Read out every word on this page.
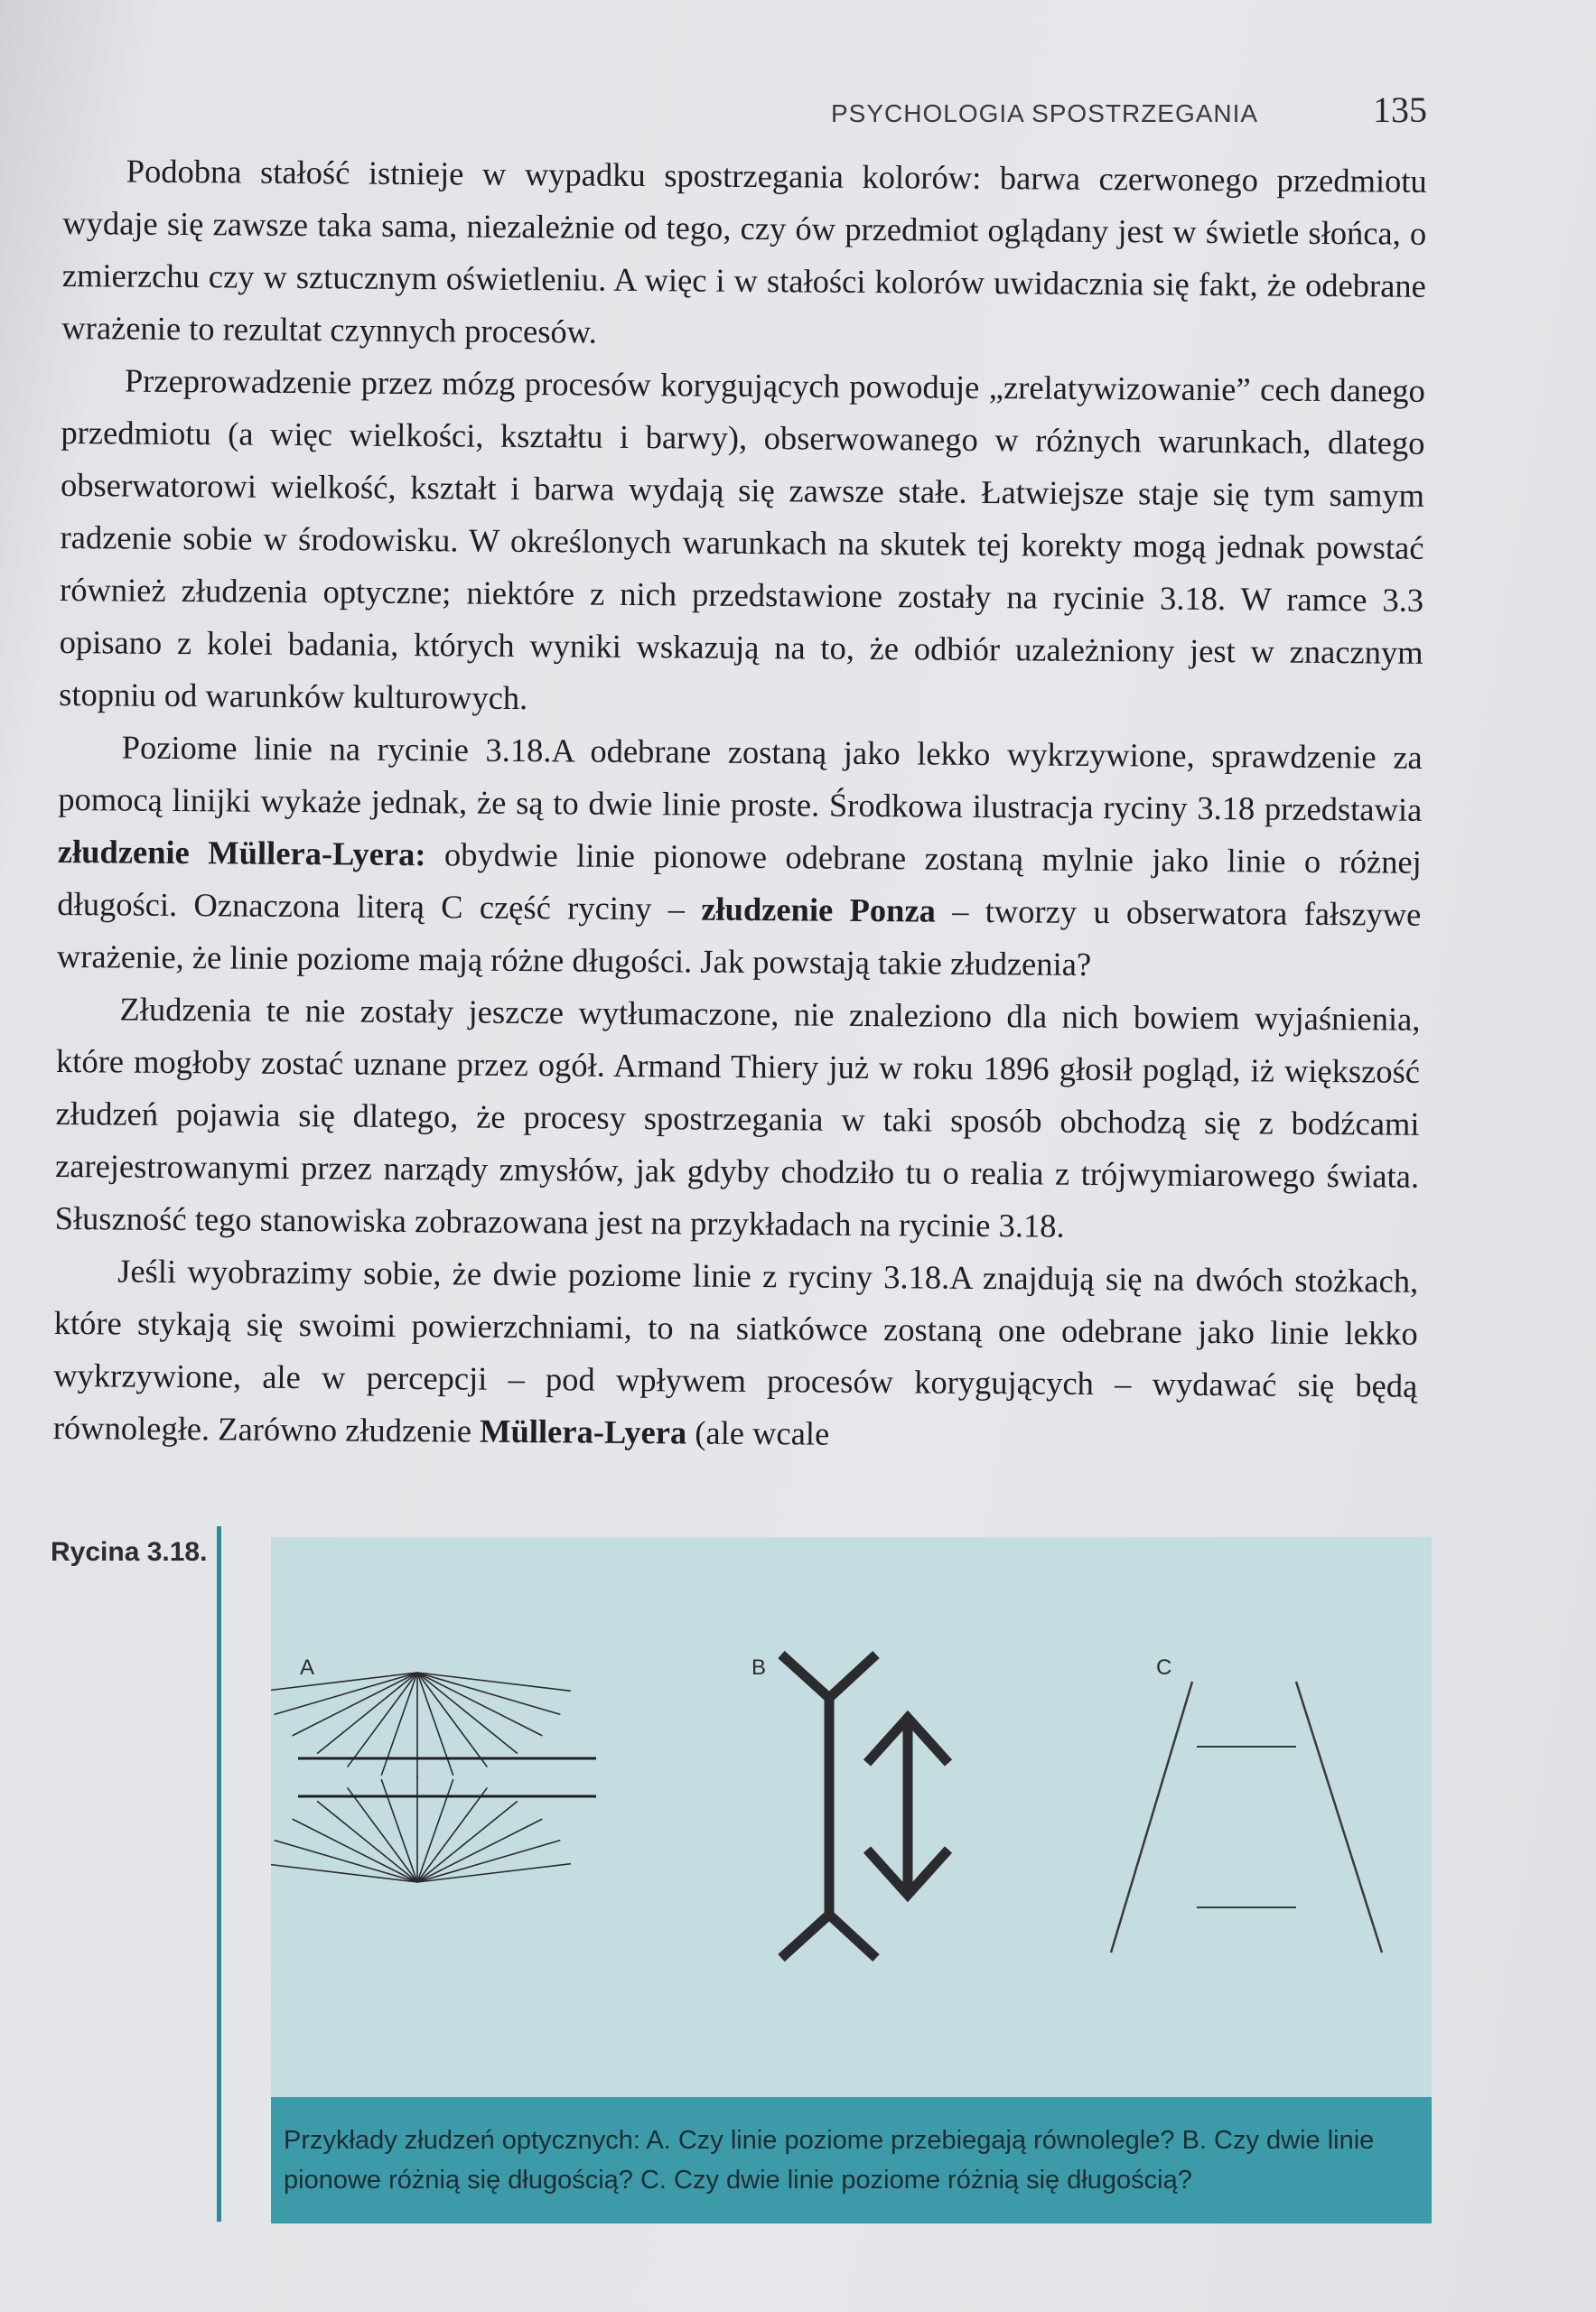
PSYCHOLOGIA SPOSTRZEGANIA	135

Podobna stałość istnieje w wypadku spostrzegania kolorów: barwa czerwonego przedmiotu wydaje się zawsze taka sama, niezależnie od tego, czy ów przedmiot oglądany jest w świetle słońca, o zmierzchu czy w sztucznym oświetleniu. A więc i w stałości kolorów uwidacznia się fakt, że odebrane wrażenie to rezultat czynnych procesów.

Przeprowadzenie przez mózg procesów korygujących powoduje „zrelatywizowanie” cech danego przedmiotu (a więc wielkości, kształtu i barwy), obserwowanego w różnych warunkach, dlatego obserwatorowi wielkość, kształt i barwa wydają się zawsze stałe. Łatwiejsze staje się tym samym radzenie sobie w środowisku. W określonych warunkach na skutek tej korekty mogą jednak powstać również złudzenia optyczne; niektóre z nich przedstawione zostały na rycinie 3.18. W ramce 3.3 opisano z kolei badania, których wyniki wskazują na to, że odbiór uzależniony jest w znacznym stopniu od warunków kulturowych.

Poziome linie na rycinie 3.18.A odebrane zostaną jako lekko wykrzywione, sprawdzenie za pomocą linijki wykaże jednak, że są to dwie linie proste. Środkowa ilustracja ryciny 3.18 przedstawia złudzenie Müllera-Lyera: obydwie linie pionowe odebrane zostaną mylnie jako linie o różnej długości. Oznaczona literą C część ryciny – złudzenie Ponza – tworzy u obserwatora fałszywe wrażenie, że linie poziome mają różne długości. Jak powstają takie złudzenia?

Złudzenia te nie zostały jeszcze wytłumaczone, nie znaleziono dla nich bowiem wyjaśnienia, które mogłoby zostać uznane przez ogół. Armand Thiery już w roku 1896 głosił pogląd, iż większość złudzeń pojawia się dlatego, że procesy spostrzegania w taki sposób obchodzą się z bodźcami zarejestrowanymi przez narządy zmysłów, jak gdyby chodziło tu o realia z trójwymiarowego świata. Słuszność tego stanowiska zobrazowana jest na przykładach na rycinie 3.18.

Jeśli wyobrazimy sobie, że dwie poziome linie z ryciny 3.18.A znajdują się na dwóch stożkach, które stykają się swoimi powierzchniami, to na siatkówce zostaną one odebrane jako linie lekko wykrzywione, ale w percepcji – pod wpływem procesów korygujących – wydawać się będą równoległe. Zarówno złudzenie Müllera-Lyera (ale wcale

Rycina 3.18.
A	B	C
Przykłady złudzeń optycznych: A. Czy linie poziome przebiegają równolegle? B. Czy dwie linie pionowe różnią się długością? C. Czy dwie linie poziome różnią się długością?
